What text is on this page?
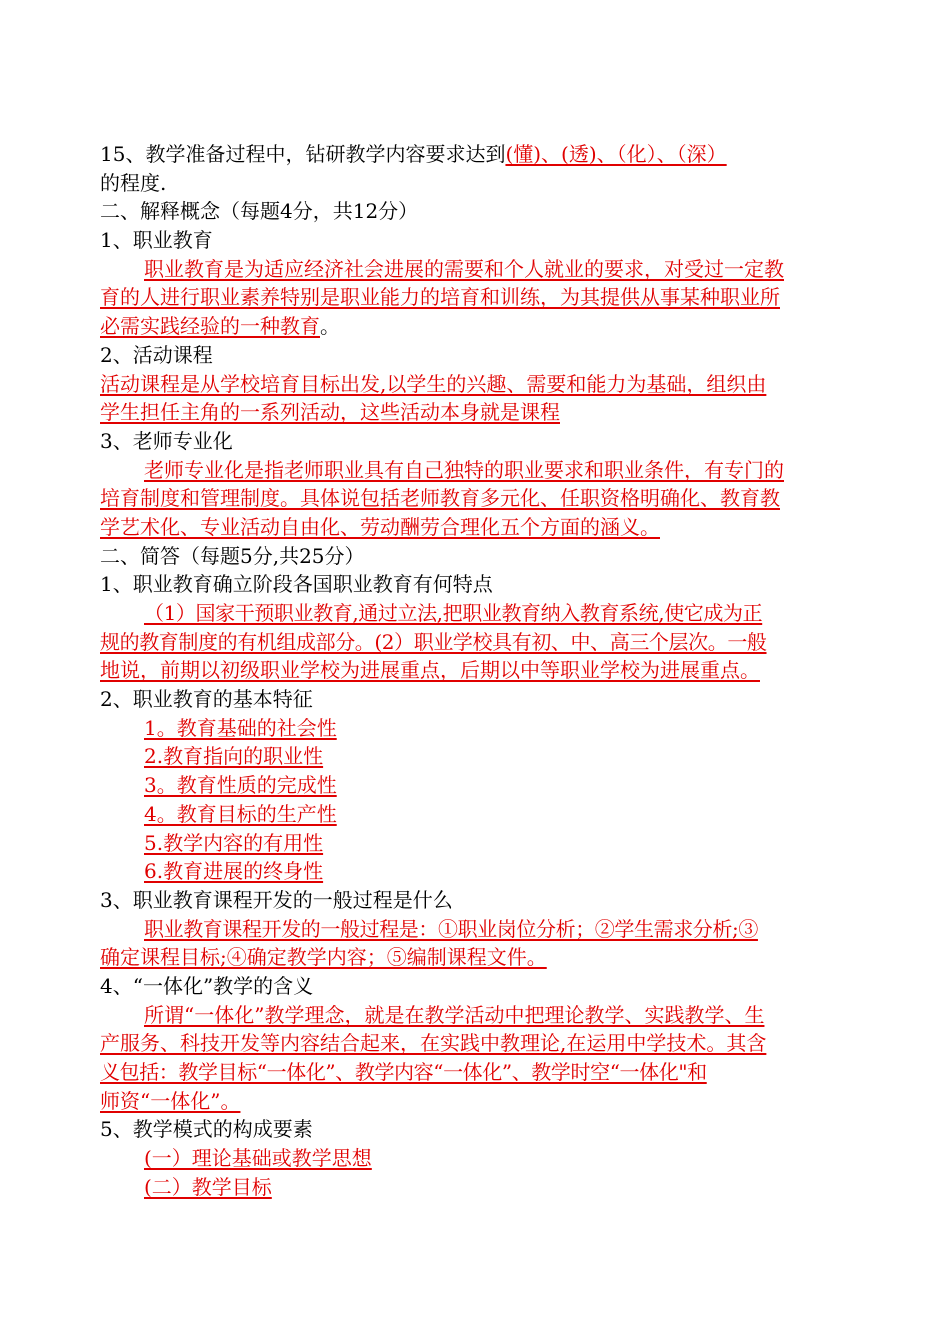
15、教学准备过程中，钻研教学内容要求达到(懂)、(透)、（化）、（深）
的程度.
二、解释概念（每题4分，共12分）
1、职业教育
职业教育是为适应经济社会进展的需要和个人就业的要求，对受过一定教
育的人进行职业素养特别是职业能力的培育和训练，为其提供从事某种职业所
必需实践经验的一种教育。
2、活动课程
活动课程是从学校培育目标出发,以学生的兴趣、需要和能力为基础，组织由
学生担任主角的一系列活动，这些活动本身就是课程
3、老师专业化
老师专业化是指老师职业具有自己独特的职业要求和职业条件，有专门的
培育制度和管理制度。具体说包括老师教育多元化、任职资格明确化、教育教
学艺术化、专业活动自由化、劳动酬劳合理化五个方面的涵义。
二、简答（每题5分,共25分）
1、职业教育确立阶段各国职业教育有何特点
（1）国家干预职业教育,通过立法,把职业教育纳入教育系统,使它成为正
规的教育制度的有机组成部分。(2）职业学校具有初、中、高三个层次。一般
地说，前期以初级职业学校为进展重点，后期以中等职业学校为进展重点。
2、职业教育的基本特征
1。教育基础的社会性
2.教育指向的职业性
3。教育性质的完成性
4。教育目标的生产性
5.教学内容的有用性
6.教育进展的终身性
3、职业教育课程开发的一般过程是什么
职业教育课程开发的一般过程是：①职业岗位分析；②学生需求分析;③
确定课程目标;④确定教学内容；⑤编制课程文件。
4、“一体化”教学的含义
所谓“一体化”教学理念，就是在教学活动中把理论教学、实践教学、生
产服务、科技开发等内容结合起来，在实践中教理论,在运用中学技术。其含
义包括：教学目标“一体化”、教学内容“一体化”、教学时空“一体化"和
师资“一体化”。
5、教学模式的构成要素
(一）理论基础或教学思想
(二）教学目标
